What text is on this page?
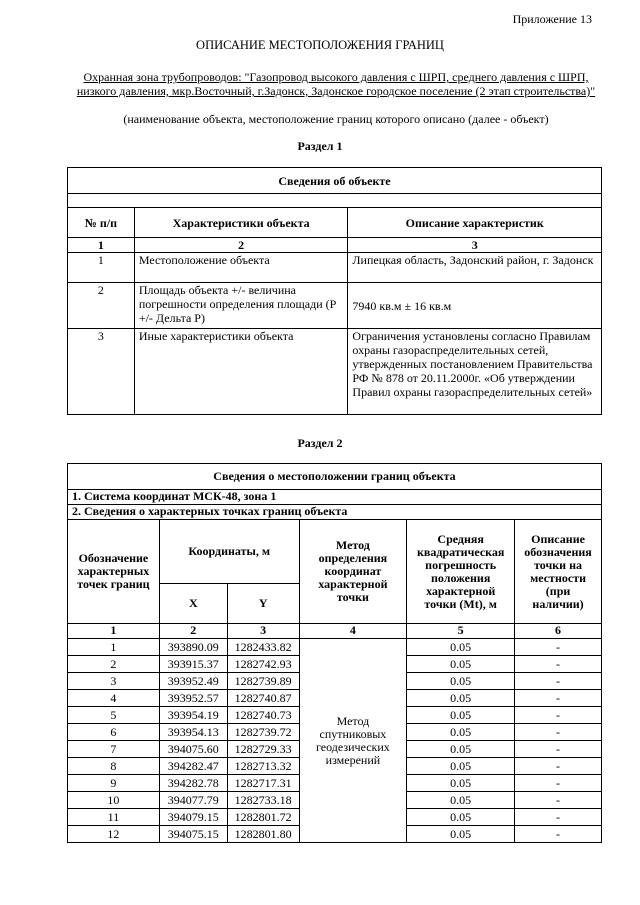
Приложение 13
ОПИСАНИЕ МЕСТОПОЛОЖЕНИЯ ГРАНИЦ
Охранная зона трубопроводов: "Газопровод высокого давления с ШРП, среднего давления с ШРП, низкого давления, мкр.Восточный, г.Задонск, Задонское городское поселение (2 этап строительства)"
(наименование объекта, местоположение границ которого описано (далее - объект)
Раздел 1
Сведения об объекте		

№ п/п	Характеристики объекта	Описание характеристик
1	2	3
1	Местоположение объекта	Липецкая область, Задонский район, г. Задонск
2	Площадь объекта +/- величина погрешности определения площади (Р +/- Дельта Р)	7940 кв.м ± 16 кв.м
3	Иные характеристики объекта	Ограничения установлены согласно Правилам охраны газораспределительных сетей, утвержденных постановлением Правительства РФ № 878 от 20.11.2000г. «Об утверждении Правил охраны газораспределительных сетей»
Раздел 2
Сведения о местоположении границ объекта					
1. Система координат МСК-48, зона 1					
2. Сведения о характерных точках границ объекта					
Обозначение характерных точек границ	Координаты, м		Метод определения координат характерной точки	Средняя квадратическая погрешность положения характерной точки (Mt), м	Описание обозначения точки на местности (при наличии)
	X	Y			
1	2	3	4	5	6
1	393890.09	1282433.82	Метод спутниковых геодезических измерений	0.05	-
2	393915.37	1282742.93		0.05	-
3	393952.49	1282739.89		0.05	-
4	393952.57	1282740.87		0.05	-
5	393954.19	1282740.73		0.05	-
6	393954.13	1282739.72		0.05	-
7	394075.60	1282729.33		0.05	-
8	394282.47	1282713.32		0.05	-
9	394282.78	1282717.31		0.05	-
10	394077.79	1282733.18		0.05	-
11	394079.15	1282801.72		0.05	-
12	394075.15	1282801.80		0.05	-
